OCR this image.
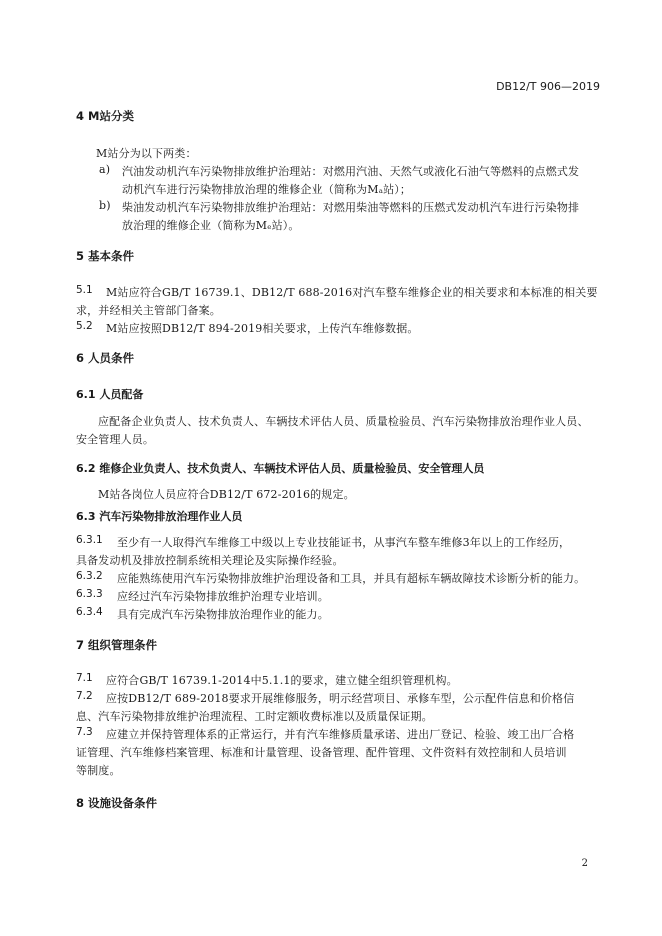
DB12/T 906—2019
4 M站分类
M站分为以下两类：
a) 汽油发动机汽车污染物排放维护治理站：对燃用汽油、天然气或液化石油气等燃料的点燃式发
动机汽车进行污染物排放治理的维修企业（简称为Mₐ站）；
b) 柴油发动机汽车污染物排放维护治理站：对燃用柴油等燃料的压燃式发动机汽车进行污染物排
放治理的维修企业（简称为Mₑ站）。
5 基本条件
5.1 M站应符合GB/T 16739.1、DB12/T 688-2016对汽车整车维修企业的相关要求和本标准的相关要
求，并经相关主管部门备案。
5.2 M站应按照DB12/T 894-2019相关要求，上传汽车维修数据。
6 人员条件
6.1 人员配备
应配备企业负责人、技术负责人、车辆技术评估人员、质量检验员、汽车污染物排放治理作业人员、
安全管理人员。
6.2 维修企业负责人、技术负责人、车辆技术评估人员、质量检验员、安全管理人员
M站各岗位人员应符合DB12/T 672-2016的规定。
6.3 汽车污染物排放治理作业人员
6.3.1 至少有一人取得汽车维修工中级以上专业技能证书，从事汽车整车维修3年以上的工作经历，
具备发动机及排放控制系统相关理论及实际操作经验。
6.3.2 应能熟练使用汽车污染物排放维护治理设备和工具，并具有超标车辆故障技术诊断分析的能力。
6.3.3 应经过汽车污染物排放维护治理专业培训。
6.3.4 具有完成汽车污染物排放治理作业的能力。
7 组织管理条件
7.1 应符合GB/T 16739.1-2014中5.1.1的要求，建立健全组织管理机构。
7.2 应按DB12/T 689-2018要求开展维修服务，明示经营项目、承修车型，公示配件信息和价格信
息、汽车污染物排放维护治理流程、工时定额收费标准以及质量保证期。
7.3 应建立并保持管理体系的正常运行，并有汽车维修质量承诺、进出厂登记、检验、竣工出厂合格
证管理、汽车维修档案管理、标准和计量管理、设备管理、配件管理、文件资料有效控制和人员培训
等制度。
8 设施设备条件
2
